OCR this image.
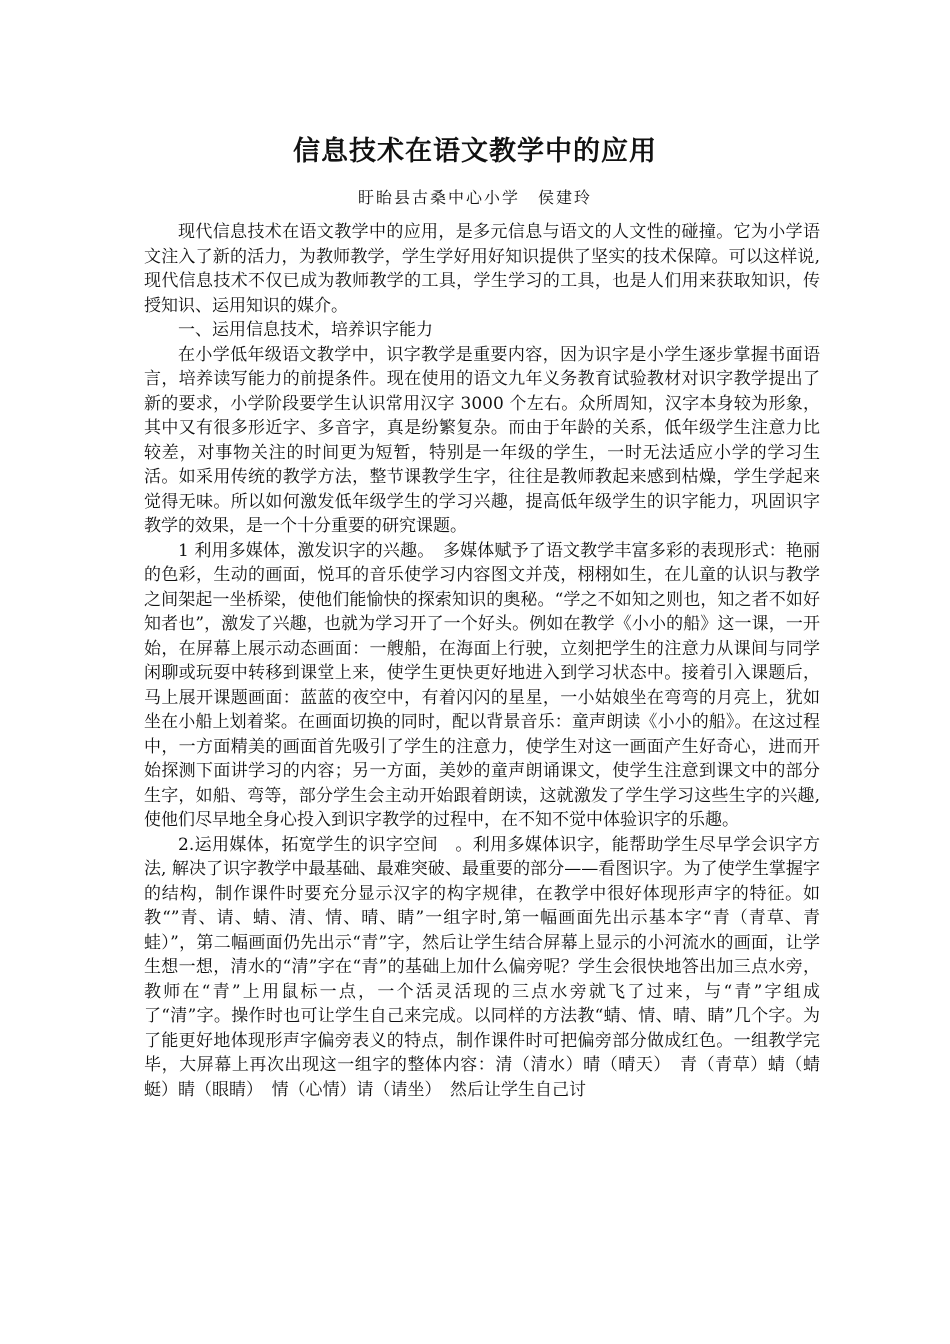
信息技术在语文教学中的应用
盱眙县古桑中心小学　侯建玲

现代信息技术在语文教学中的应用，是多元信息与语文的人文性的碰撞。它为小学语文注入了新的活力，为教师教学，学生学好用好知识提供了坚实的技术保障。可以这样说,现代信息技术不仅已成为教师教学的工具，学生学习的工具，也是人们用来获取知识，传授知识、运用知识的媒介。

一、运用信息技术，培养识字能力

在小学低年级语文教学中，识字教学是重要内容，因为识字是小学生逐步掌握书面语言，培养读写能力的前提条件。现在使用的语文九年义务教育试验教材对识字教学提出了新的要求，小学阶段要学生认识常用汉字 3000 个左右。众所周知，汉字本身较为形象，其中又有很多形近字、多音字，真是纷繁复杂。而由于年龄的关系，低年级学生注意力比较差，对事物关注的时间更为短暂，特别是一年级的学生，一时无法适应小学的学习生活。如采用传统的教学方法，整节课教学生字，往往是教师教起来感到枯燥，学生学起来觉得无味。所以如何激发低年级学生的学习兴趣，提高低年级学生的识字能力，巩固识字教学的效果，是一个十分重要的研究课题。

1 利用多媒体，激发识字的兴趣。　多媒体赋予了语文教学丰富多彩的表现形式：艳丽的色彩，生动的画面，悦耳的音乐使学习内容图文并茂，栩栩如生，在儿童的认识与教学之间架起一坐桥梁，使他们能愉快的探索知识的奥秘。“学之不如知之则也，知之者不如好知者也”，激发了兴趣，也就为学习开了一个好头。例如在教学《小小的船》这一课，一开始，在屏幕上展示动态画面：一艘船，在海面上行驶，立刻把学生的注意力从课间与同学闲聊或玩耍中转移到课堂上来，使学生更快更好地进入到学习状态中。接着引入课题后，马上展开课题画面：蓝蓝的夜空中，有着闪闪的星星，一小姑娘坐在弯弯的月亮上，犹如坐在小船上划着桨。在画面切换的同时，配以背景音乐：童声朗读《小小的船》。在这过程中，一方面精美的画面首先吸引了学生的注意力，使学生对这一画面产生好奇心，进而开始探测下面讲学习的内容；另一方面，美妙的童声朗诵课文，使学生注意到课文中的部分生字，如船、弯等，部分学生会主动开始跟着朗读，这就激发了学生学习这些生字的兴趣,使他们尽早地全身心投入到识字教学的过程中，在不知不觉中体验识字的乐趣。

2.运用媒体，拓宽学生的识字空间　。利用多媒体识字，能帮助学生尽早学会识字方法, 解决了识字教学中最基础、最难突破、最重要的部分——看图识字。为了使学生掌握字的结构，制作课件时要充分显示汉字的构字规律，在教学中很好体现形声字的特征。如教“”青、请、蜻、清、情、晴、睛”一组字时,第一幅画面先出示基本字“青（青草、青蛙）”，第二幅画面仍先出示“青”字，然后让学生结合屏幕上显示的小河流水的画面，让学生想一想，清水的“清”字在“青”的基础上加什么偏旁呢？学生会很快地答出加三点水旁，教师在“青”上用鼠标一点，一个活灵活现的三点水旁就飞了过来，与“青”字组成了“清”字。操作时也可让学生自己来完成。以同样的方法教“蜻、情、晴、睛”几个字。为了能更好地体现形声字偏旁表义的特点，制作课件时可把偏旁部分做成红色。一组教学完毕，大屏幕上再次出现这一组字的整体内容：清（清水）晴（晴天）　青（青草）蜻（蜻蜓）睛（眼睛）　情（心情）请（请坐）　然后让学生自己讨
